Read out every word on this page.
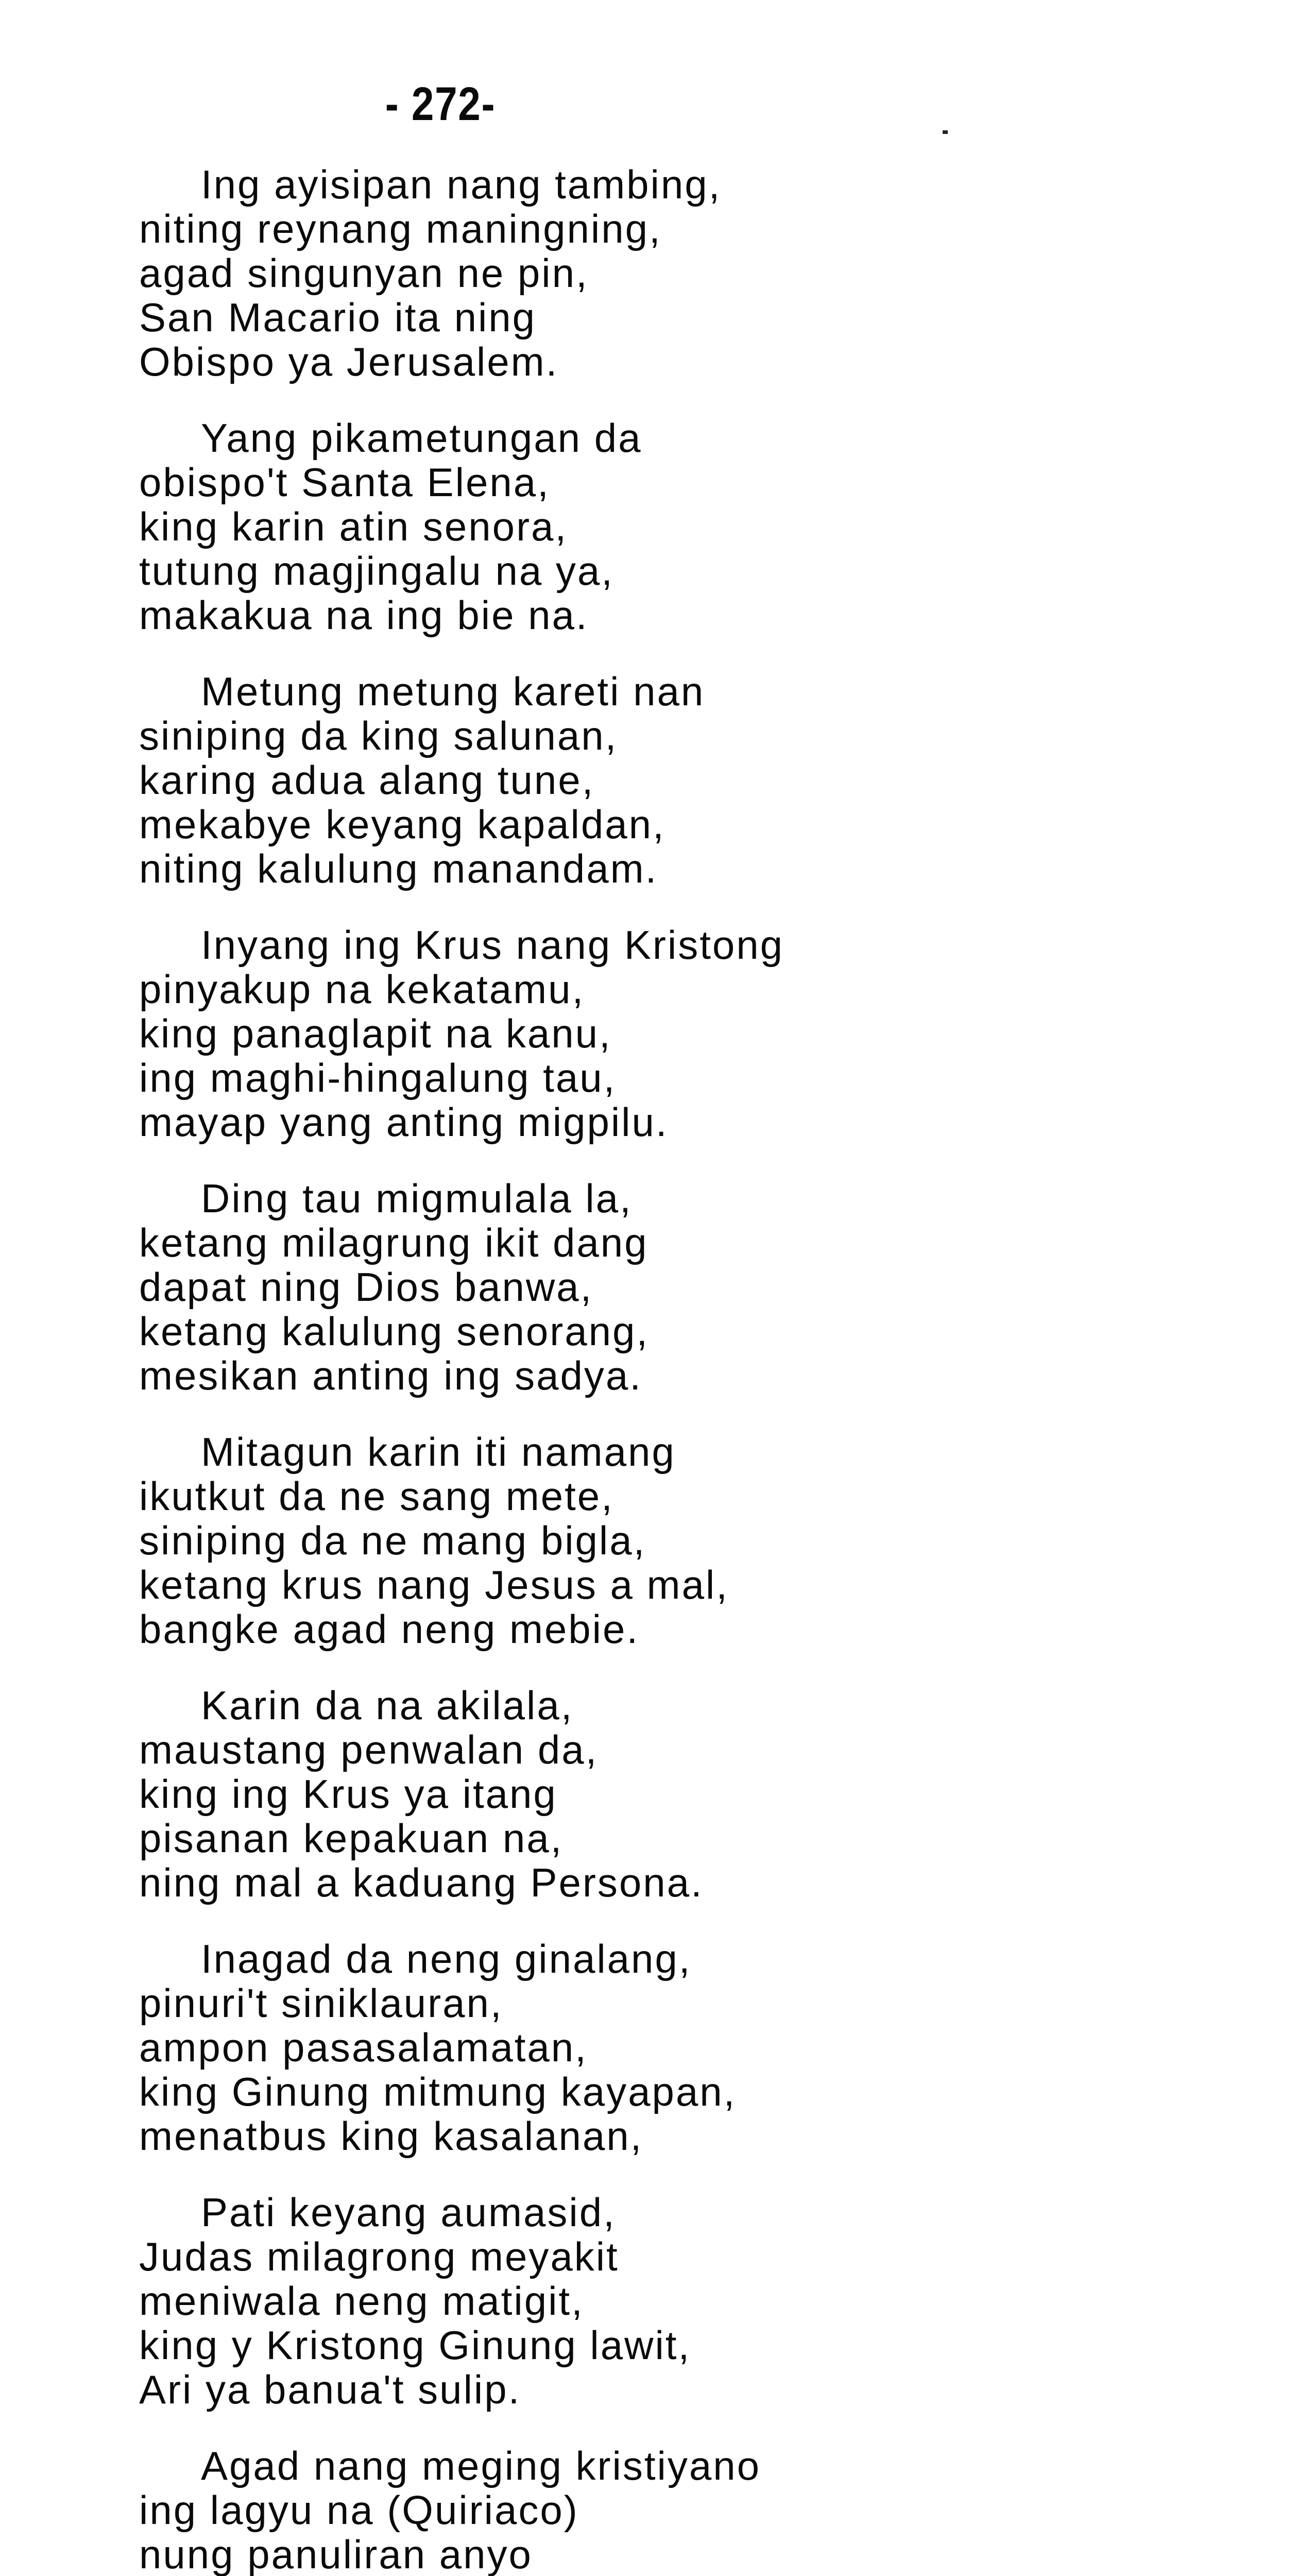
- 272-
Ing ayisipan nang tambing,
niting reynang maningning,
agad singunyan ne pin,
San Macario ita ning
Obispo ya Jerusalem.
Yang pikametungan da
obispo't Santa Elena,
king karin atin senora,
tutung magjingalu na ya,
makakua na ing bie na.
Metung metung kareti nan
siniping da king salunan,
karing adua alang tune,
mekabye keyang kapaldan,
niting kalulung manandam.
Inyang ing Krus nang Kristong
pinyakup na kekatamu,
king panaglapit na kanu,
ing maghi-hingalung tau,
mayap yang anting migpilu.
Ding tau migmulala la,
ketang milagrung ikit dang
dapat ning Dios banwa,
ketang kalulung senorang,
mesikan anting ing sadya.
Mitagun karin iti namang
ikutkut da ne sang mete,
siniping da ne mang bigla,
ketang krus nang Jesus a mal,
bangke agad neng mebie.
Karin da na akilala,
maustang penwalan da,
king ing Krus ya itang
pisanan kepakuan na,
ning mal a kaduang Persona.
Inagad da neng ginalang,
pinuri't siniklauran,
ampon pasasalamatan,
king Ginung mitmung kayapan,
menatbus king kasalanan,
Pati keyang aumasid,
Judas milagrong meyakit
meniwala neng matigit,
king y Kristong Ginung lawit,
Ari ya banua't sulip.
Agad nang meging kristiyano
ing lagyu na (Quiriaco)
nung panuliran anyo
